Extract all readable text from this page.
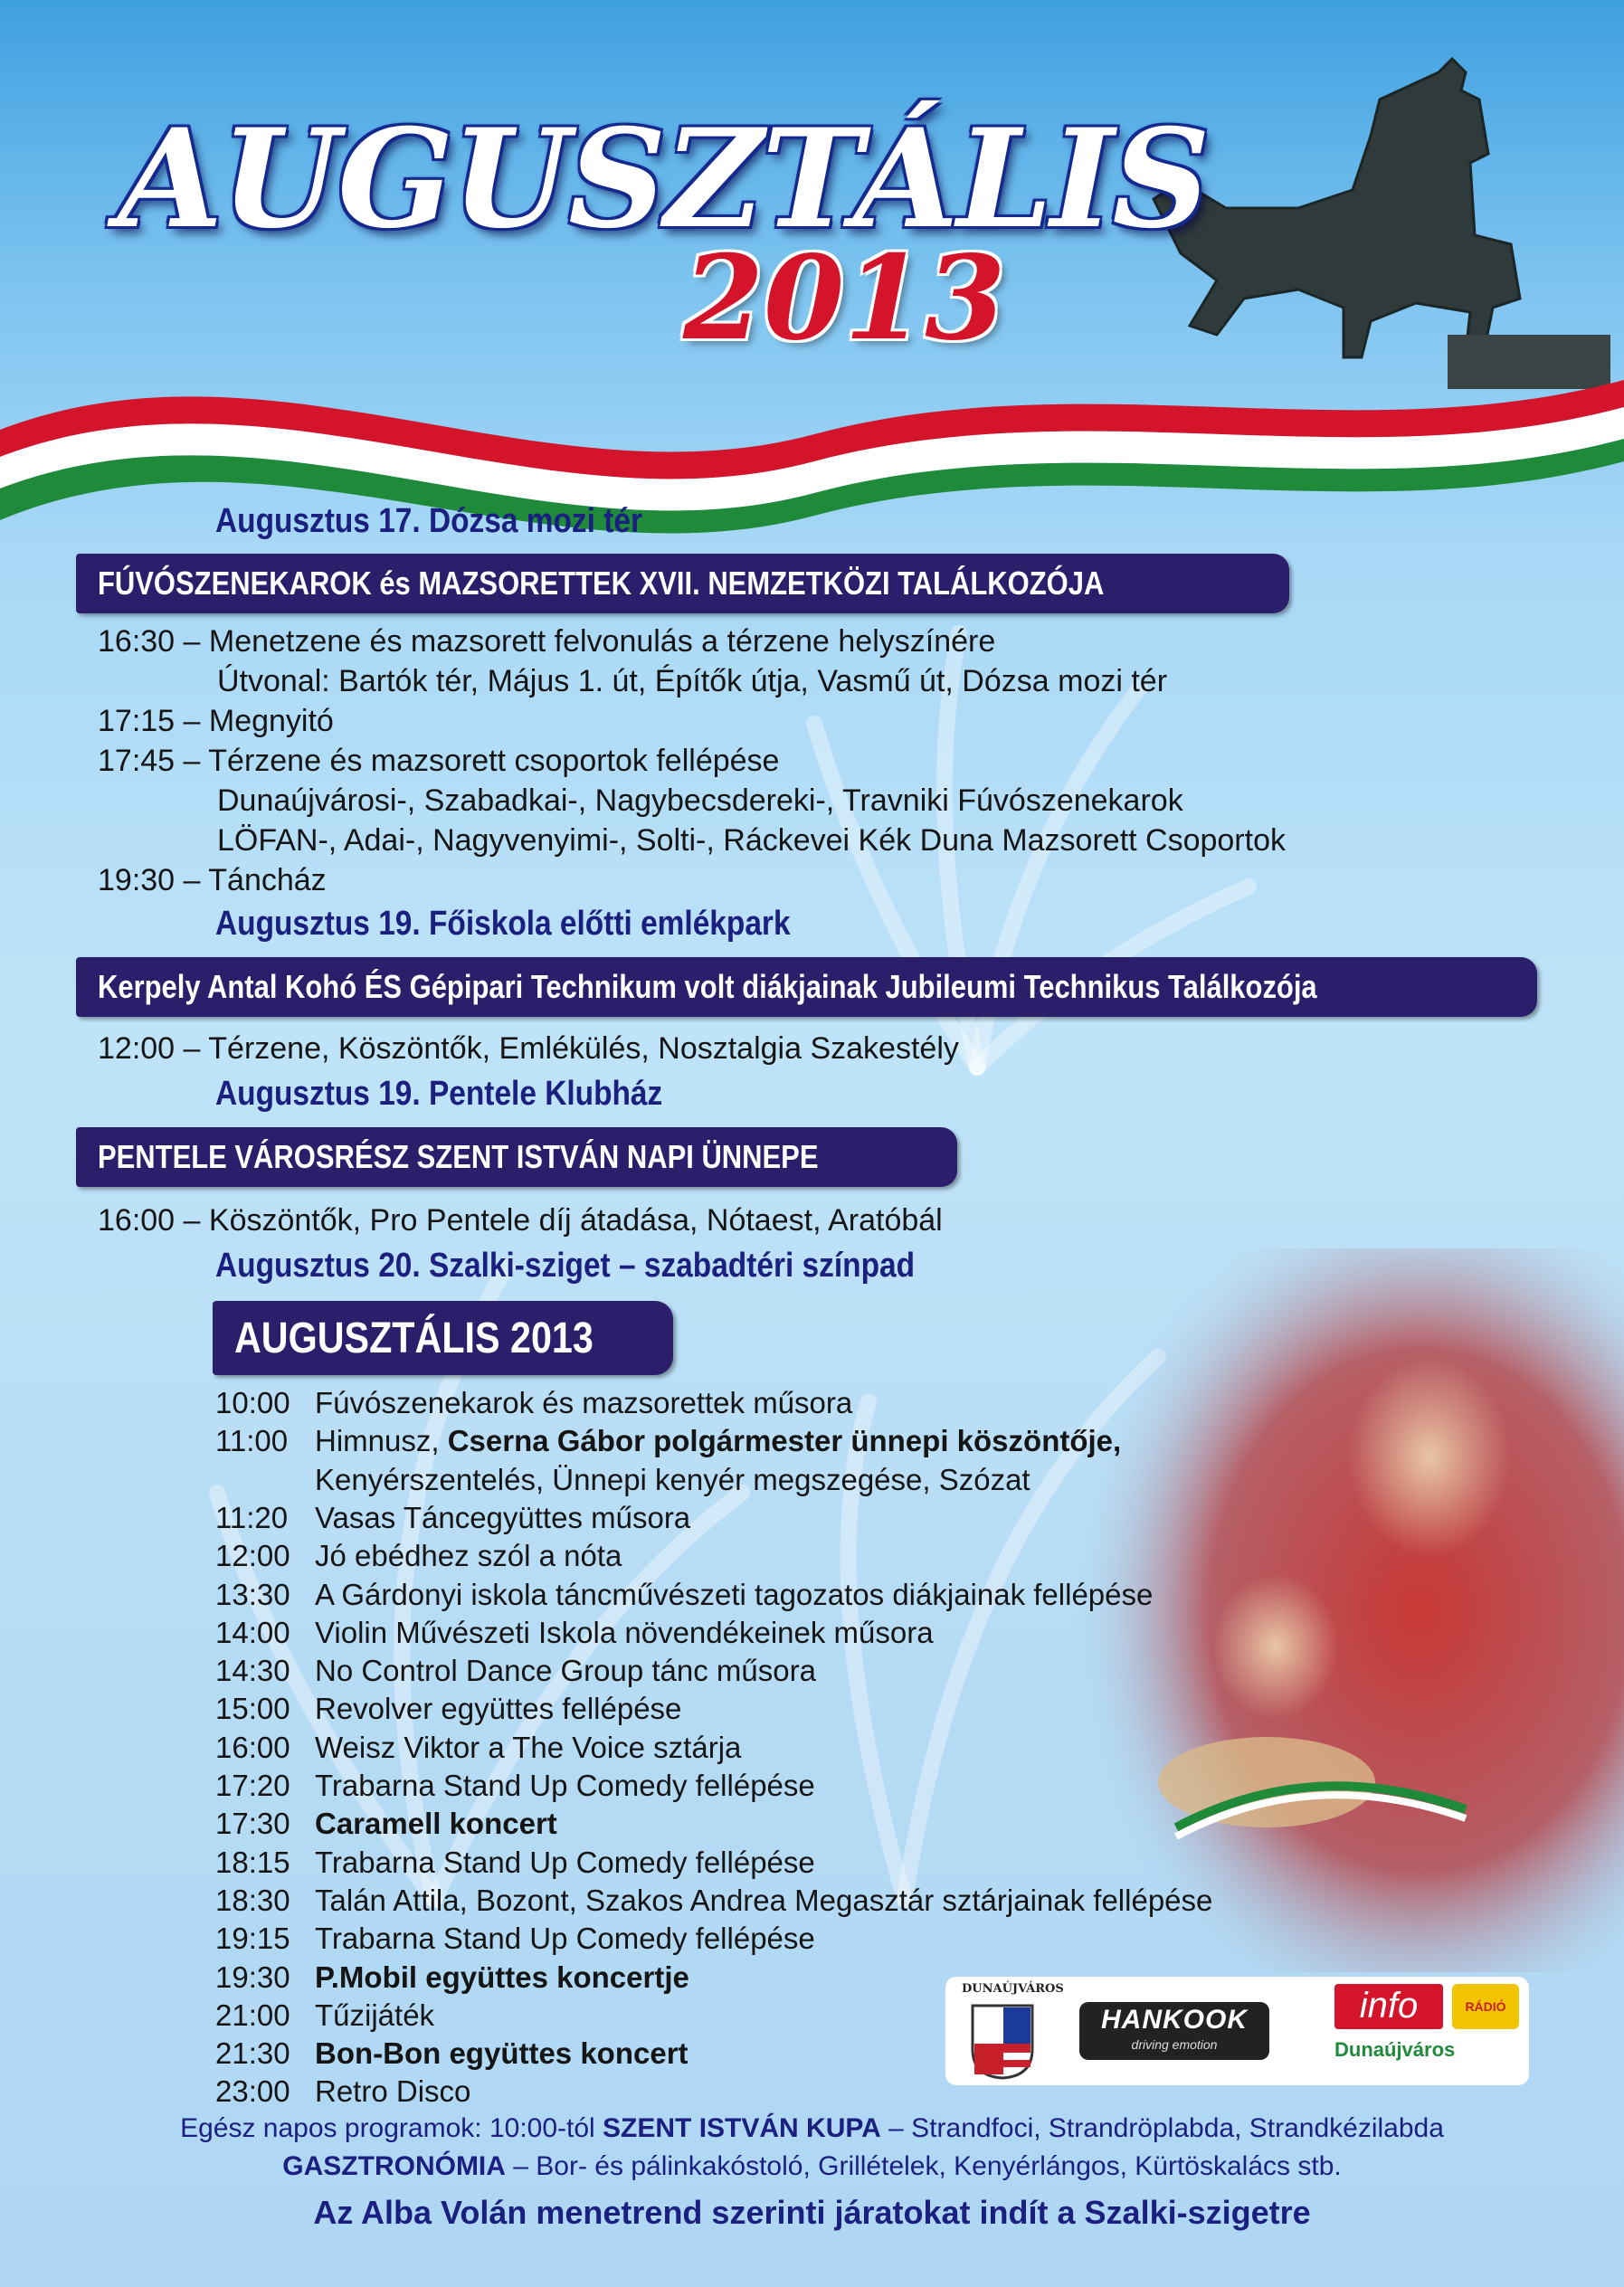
AUGUSZTÁLIS
2013
Augusztus 17. Dózsa mozi tér
FÚVÓSZENEKAROK és MAZSORETTEK XVII. NEMZETKÖZI TALÁLKOZÓJA
16:30 – Menetzene és mazsorett felvonulás a térzene helyszínére
Útvonal: Bartók tér, Május 1. út, Építők útja, Vasmű út, Dózsa mozi tér
17:15 – Megnyitó
17:45 – Térzene és mazsorett csoportok fellépése
Dunaújvárosi-, Szabadkai-, Nagybecsdereki-, Travniki Fúvószenekarok
LÖFAN-, Adai-, Nagyvenyimi-, Solti-, Ráckevei Kék Duna Mazsorett Csoportok
19:30 – Táncház
Augusztus 19. Főiskola előtti emlékpark
Kerpely Antal Kohó ÉS Gépipari Technikum volt diákjainak Jubileumi Technikus Találkozója
12:00 – Térzene, Köszöntők, Emlékülés, Nosztalgia Szakestély
Augusztus 19. Pentele Klubház
PENTELE VÁROSRÉSZ SZENT ISTVÁN NAPI ÜNNEPE
16:00 – Köszöntők, Pro Pentele díj átadása, Nótaest, Aratóbál
Augusztus 20. Szalki-sziget – szabadtéri színpad
AUGUSZTÁLIS 2013
10:00 Fúvószenekarok és mazsorettek műsora
11:00 Himnusz, Cserna Gábor polgármester ünnepi köszöntője,
Kenyérszentelés, Ünnepi kenyér megszegése, Szózat
11:20 Vasas Táncegyüttes műsora
12:00 Jó ebédhez szól a nóta
13:30 A Gárdonyi iskola táncművészeti tagozatos diákjainak fellépése
14:00 Violin Művészeti Iskola növendékeinek műsora
14:30 No Control Dance Group tánc műsora
15:00 Revolver együttes fellépése
16:00 Weisz Viktor a The Voice sztárja
17:20 Trabarna Stand Up Comedy fellépése
17:30 Caramell koncert
18:15 Trabarna Stand Up Comedy fellépése
18:30 Talán Attila, Bozont, Szakos Andrea Megasztár sztárjainak fellépése
19:15 Trabarna Stand Up Comedy fellépése
19:30 P.Mobil együttes koncertje
21:00 Tűzijáték
21:30 Bon-Bon együttes koncert
23:00 Retro Disco
DUNAÚJVÁROS
HANKOOK
driving emotion
info	RÁDIÓ
Dunaújváros
Egész napos programok: 10:00-tól SZENT ISTVÁN KUPA – Strandfoci, Strandröplabda, Strandkézilabda
GASZTRONÓMIA – Bor- és pálinkakóstoló, Grillételek, Kenyérlángos, Kürtöskalács stb.
Az Alba Volán menetrend szerinti járatokat indít a Szalki-szigetre
